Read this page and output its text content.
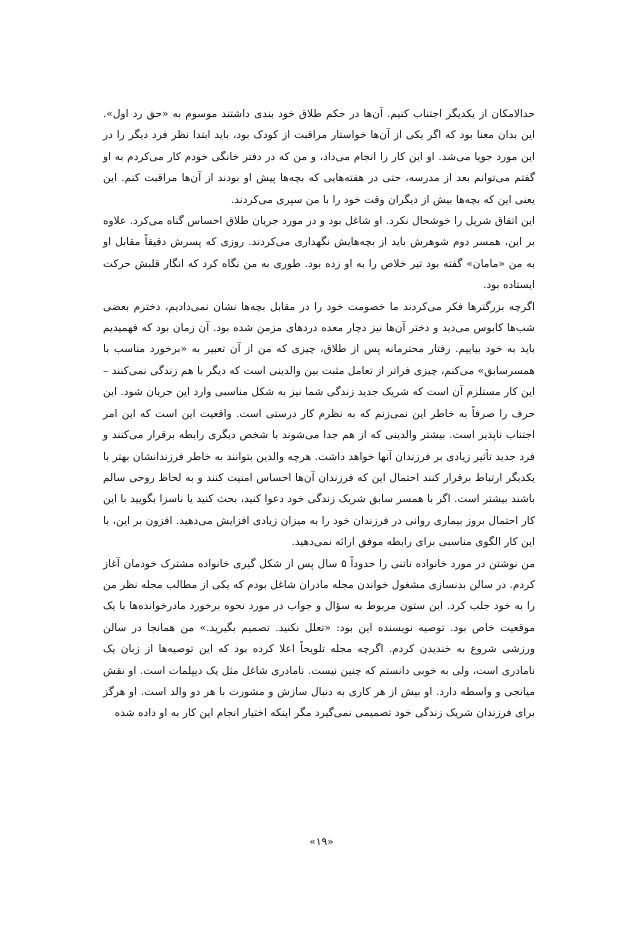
حدالامکان از یکدیگر اجتناب کنیم. آن‌ها در حکم طلاق خود بندی داشتند موسوم به «حق رد اول». این بدان معنا بود که اگر یکی از آن‌ها خواستار مراقبت از کودک بود، باید ابتدا نظر فرد دیگر را در این مورد جویا می‌شد. او این کار را انجام می‌داد، و من که در دفتر خانگی خودم کار می‌کردم به او گفتم می‌توانم بعد از مدرسه، حتی در هفته‌هایی که بچه‌ها پیش او بودند از آن‌ها مراقبت کنم. این یعنی این که بچه‌ها بیش از دیگران وقت خود را با من سپری می‌کردند.

این اتفاق شریل را خوشحال نکرد. او شاغل بود و در مورد جریان طلاق احساس گناه می‌کرد. علاوه بر این، همسر دوم شوهرش باید از بچه‌هایش نگهداری می‌کردند. روزی که پسرش دقیقاً مقابل او به من «مامان» گفته بود تیر خلاص را به او زده بود. طوری به من نگاه کرد که انگار قلبش حرکت ایستاده بود.

اگرچه بزرگترها فکر می‌کردند ما خصومت خود را در مقابل بچه‌ها نشان نمی‌دادیم، دخترم بعضی شب‌ها کابوس می‌دید و دختر آن‌ها نیز دچار معده دردهای مزمن شده بود. آن زمان بود که فهمیدیم باید به خود بیاییم. رفتار محترمانه پس از طلاق، چیزی که من از آن تعبیر به «برخورد مناسب با همسرسابق» می‌کنم، چیزی فراتر از تعامل مثبت بین والدینی است که دیگر با هم زندگی نمی‌کنند – این کار مستلزم آن است که شریک جدید زندگی شما نیز به شکل مناسبی وارد این جریان شود. این حرف را صرفاً به خاطر این نمی‌زنم که به نظرم کار درستی است. واقعیت این است که این امر اجتناب ناپذیر است. بیشتر والدینی که از هم جدا می‌شوند با شخص دیگری رابطه برقرار می‌کنند و فرد جدید تأثیر زیادی بر فرزندان آنها خواهد داشت. هرچه والدین بتوانند به خاطر فرزندانشان بهتر با یکدیگر ارتباط برقرار کنند احتمال این که فرزندان آن‌ها احساس امنیت کنند و به لحاظ روحی سالم باشند بیشتر است. اگر با همسر سابق شریک زندگی خود دعوا کنید، بحث کنید یا ناسزا بگویید با این کار احتمال بروز بیماری روانی در فرزندان خود را به میزان زیادی افزایش می‌دهید. افزون بر این، با این کار الگوی مناسبی برای رابطه موفق ارائه نمی‌دهید.

من نوشتن در مورد خانواده ناتنی را حدوداً ۵ سال پس از شکل گیری خانواده مشترک خودمان آغاز کردم. در سالن بدنسازی مشغول خواندن مجله مادران شاغل بودم که یکی از مطالب مجله نظر من را به خود جلب کرد. این ستون مربوط به سؤال و جواب در مورد نحوه برخورد مادرخوانده‌ها با یک موقعیت خاص بود. توصیه نویسنده این بود: «تعلل نکنید. تصمیم بگیرید.» من همانجا در سالن ورزشی شروع به خندیدن کردم. اگرچه مجله تلویحاً اعلا کرده بود که این توصیه‌ها از زبان یک نامادری است، ولی به خوبی دانستم که چنین نیست. نامادری شاغل مثل یک دیپلمات است. او نقش میانجی و واسطه دارد. او بیش از هر کاری به دنبال سازش و مشورت با هر دو والد است. او هرگز برای فرزندان شریک زندگی خود تصمیمی نمی‌گیرد مگر اینکه اختیار انجام این کار به او داده شده

«۱۹»
